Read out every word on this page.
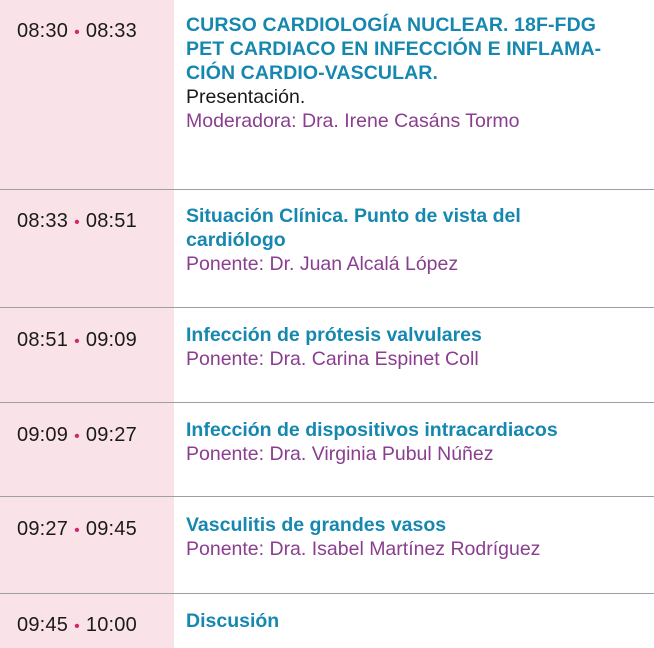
08:30 • 08:33	CURSO CARDIOLOGÍA NUCLEAR. 18F-FDG
PET CARDIACO EN INFECCIÓN E INFLAMA-
CIÓN CARDIO-VASCULAR.
Presentación.
Moderadora: Dra. Irene Casáns Tormo
08:33 • 08:51	Situación Clínica. Punto de vista del
cardiólogo
Ponente: Dr. Juan Alcalá López
08:51 • 09:09	Infección de prótesis valvulares
Ponente: Dra. Carina Espinet Coll
09:09 • 09:27	Infección de dispositivos intracardiacos
Ponente: Dra. Virginia Pubul Núñez
09:27 • 09:45	Vasculitis de grandes vasos
Ponente: Dra. Isabel Martínez Rodríguez
09:45 • 10:00	Discusión
